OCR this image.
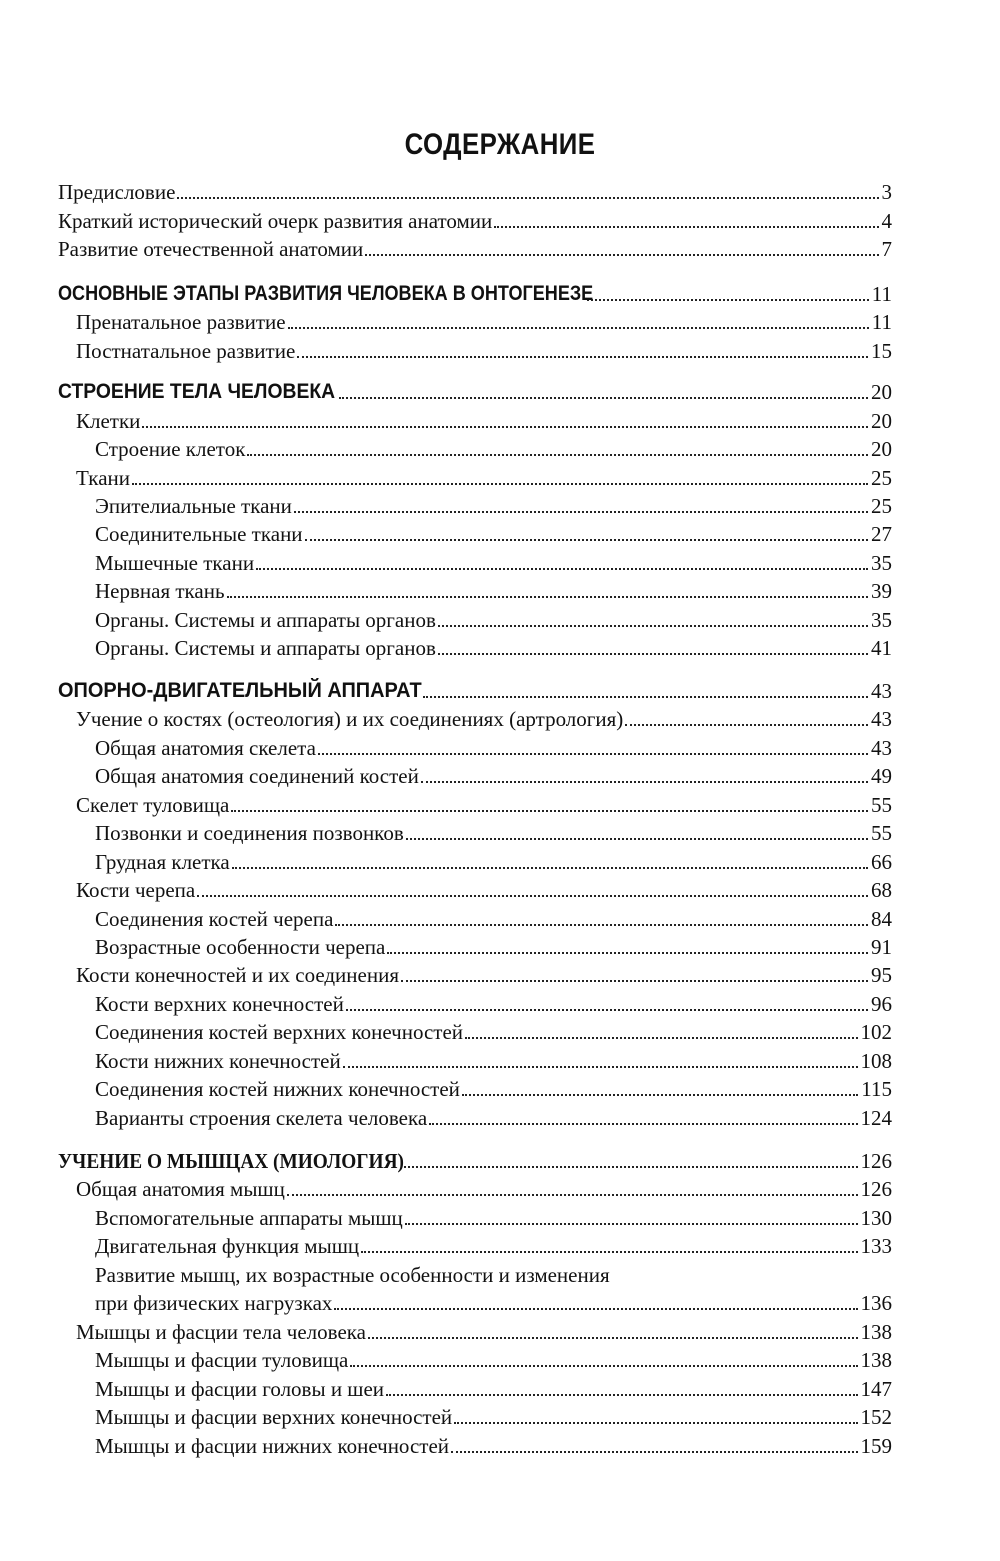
СОДЕРЖАНИЕ
Предисловие	3
Краткий исторический очерк развития анатомии	4
Развитие отечественной анатомии	7
ОСНОВНЫЕ ЭТАПЫ РАЗВИТИЯ ЧЕЛОВЕКА В ОНТОГЕНЕЗЕ	11
Пренатальное развитие	11
Постнатальное развитие	15
СТРОЕНИЕ ТЕЛА ЧЕЛОВЕКА	20
Клетки	20
Строение клеток	20
Ткани	25
Эпителиальные ткани	25
Соединительные ткани	27
Мышечные ткани	35
Нервная ткань	39
Органы. Системы и аппараты органов	35
Органы. Системы и аппараты органов	41
ОПОРНО-ДВИГАТЕЛЬНЫЙ АППАРАТ	43
Учение о костях (остеология) и их соединениях (артрология)	43
Общая анатомия скелета	43
Общая анатомия соединений костей	49
Скелет туловища	55
Позвонки и соединения позвонков	55
Грудная клетка	66
Кости черепа	68
Соединения костей черепа	84
Возрастные особенности черепа	91
Кости конечностей и их соединения	95
Кости верхних конечностей	96
Соединения костей верхних конечностей	102
Кости нижних конечностей	108
Соединения костей нижних конечностей	115
Варианты строения скелета человека	124
УЧЕНИЕ О МЫШЦАХ (МИОЛОГИЯ)	126
Общая анатомия мышц	126
Вспомогательные аппараты мышц	130
Двигательная функция мышц	133
Развитие мышц, их возрастные особенности и изменения
при физических нагрузках	136
Мышцы и фасции тела человека	138
Мышцы и фасции туловища	138
Мышцы и фасции головы и шеи	147
Мышцы и фасции верхних конечностей	152
Мышцы и фасции нижних конечностей	159
